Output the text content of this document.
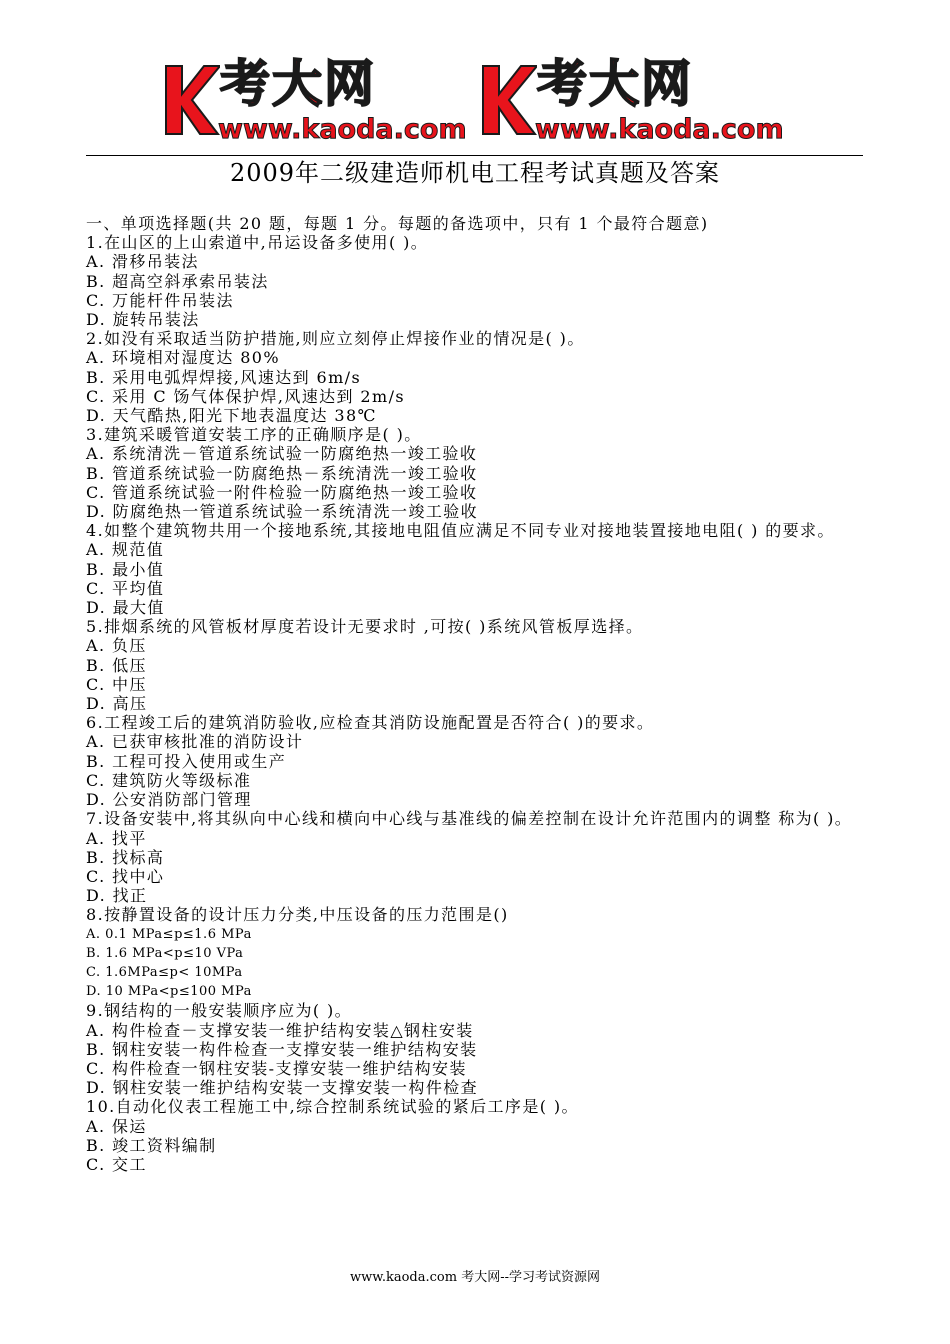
考大网
www.kaoda.com
考大网
www.kaoda.com
2009年二级建造师机电工程考试真题及答案
一、单项选择题(共 20 题，每题 1 分。每题的备选项中，只有 1 个最符合题意)
1.在山区的上山索道中,吊运设备多使用( )。
A. 滑移吊装法
B. 超高空斜承索吊装法
C. 万能杆件吊装法
D. 旋转吊装法
2.如没有采取适当防护措施,则应立刻停止焊接作业的情况是( )。
A. 环境相对湿度达 80%
B. 采用电弧焊焊接,风速达到 6m/s
C. 采用 C 饧气体保护焊,风速达到 2m/s
D. 天气酷热,阳光下地表温度达 38℃
3.建筑采暖管道安装工序的正确顺序是( )。
A. 系统清洗－管道系统试验一防腐绝热一竣工验收
B. 管道系统试验一防腐绝热－系统清洗一竣工验收
C. 管道系统试验一附件检验一防腐绝热一竣工验收
D. 防腐绝热一管道系统试验一系统清洗一竣工验收
4.如整个建筑物共用一个接地系统,其接地电阻值应满足不同专业对接地装置接地电阻( ) 的要求。
A. 规范值
B. 最小值
C. 平均值
D. 最大值
5.排烟系统的风管板材厚度若设计无要求时 ,可按( )系统风管板厚选择。
A. 负压
B. 低压
C. 中压
D. 高压
6.工程竣工后的建筑消防验收,应检查其消防设施配置是否符合( )的要求。
A. 已获审核批准的消防设计
B. 工程可投入使用或生产
C. 建筑防火等级标准
D. 公安消防部门管理
7.设备安装中,将其纵向中心线和横向中心线与基准线的偏差控制在设计允许范围内的调整 称为( )。
A. 找平
B. 找标高
C. 找中心
D. 找正
8.按静置设备的设计压力分类,中压设备的压力范围是()
A. 0.1 MPa≤p≤1.6 MPa
B. 1.6 MPa<p≤10 VPa
C. 1.6MPa≤p< 10MPa
D. 10 MPa<p≤100 MPa
9.钢结构的一般安装顺序应为( )。
A. 构件检查－支撑安装一维护结构安装△钢柱安装
B. 钢柱安装一构件检查一支撑安装一维护结构安装
C. 构件检查一钢柱安装-支撑安装一维护结构安装
D. 钢柱安装一维护结构安装一支撑安装一构件检查
10.自动化仪表工程施工中,综合控制系统试验的紧后工序是( )。
A. 保运
B. 竣工资料编制
C. 交工
www.kaoda.com 考大网--学习考试资源网
